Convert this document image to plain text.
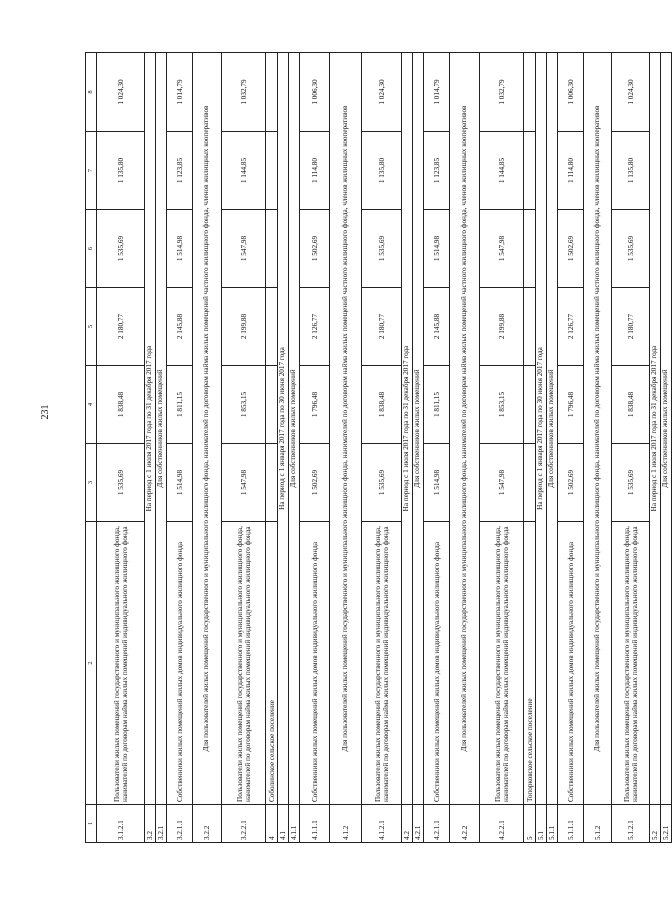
231
1	2	3	4	5	6	7	8
3.1.2.1	Пользователи жилых помещений государственного и муниципального жилищного фонда, нанимателей по договорам найма жилых помещений индивидуального жилищного фонда	1 535,69	1 838,48	2 180,77	1 535,69	1 135,80	1 024,30
3.2	На период с 1 июля 2017 года по 31 декабря 2017 года						
3.2.1	Для собственников жилых помещений						
3.2.1.1	Собственники жилых помещений жилых домов индивидуального жилищного фонда	1 514,98	1 811,15	2 145,88	1 514,98	1 123,85	1 014,79
3.2.2	Для пользователей жилых помещений государственного и муниципального жилищного фонда, нанимателей по договорам найма жилых помещений частного жилищного фонда, членов жилищных кооперативов						
3.2.2.1	Пользователи жилых помещений государственного и муниципального жилищного фонда, нанимателей по договорам найма жилых помещений индивидуального жилищного фонда	1 547,98	1 853,15	2 199,88	1 547,98	1 144,85	1 032,79
4	Соболинское сельское поселение						
4.1	На период с 1 января 2017 года по 30 июня 2017 года						
4.1.1	Для собственников жилых помещений						
4.1.1.1	Собственники жилых помещений жилых домов индивидуального жилищного фонда	1 502,69	1 796,48	2 126,77	1 502,69	1 114,80	1 006,30
4.1.2	Для пользователей жилых помещений государственного и муниципального жилищного фонда, нанимателей по договорам найма жилых помещений частного жилищного фонда, членов жилищных кооперативов						
4.1.2.1	Пользователи жилых помещений государственного и муниципального жилищного фонда, нанимателей по договорам найма жилых помещений индивидуального жилищного фонда	1 535,69	1 838,48	2 180,77	1 535,69	1 135,80	1 024,30
4.2	На период с 1 июля 2017 года по 31 декабря 2017 года						
4.2.1	Для собственников жилых помещений						
4.2.1.1	Собственники жилых помещений жилых домов индивидуального жилищного фонда	1 514,98	1 811,15	2 145,88	1 514,98	1 123,85	1 014,79
4.2.2	Для пользователей жилых помещений государственного и муниципального жилищного фонда, нанимателей по договорам найма жилых помещений частного жилищного фонда, членов жилищных кооперативов						
4.2.2.1	Пользователи жилых помещений государственного и муниципального жилищного фонда, нанимателей по договорам найма жилых помещений индивидуального жилищного фонда	1 547,98	1 853,15	2 199,88	1 547,98	1 144,85	1 032,79
5	Топорковское сельское поселение						
5.1	На период с 1 января 2017 года по 30 июня 2017 года						
5.1.1	Для собственников жилых помещений						
5.1.1.1	Собственники жилых помещений жилых домов индивидуального жилищного фонда	1 502,69	1 796,48	2 126,77	1 502,69	1 114,80	1 006,30
5.1.2	Для пользователей жилых помещений государственного и муниципального жилищного фонда, нанимателей по договорам найма жилых помещений частного жилищного фонда, членов жилищных кооперативов						
5.1.2.1	Пользователи жилых помещений государственного и муниципального жилищного фонда, нанимателей по договорам найма жилых помещений индивидуального жилищного фонда	1 535,69	1 838,48	2 180,77	1 535,69	1 135,80	1 024,30
5.2	На период с 1 июля 2017 года по 31 декабря 2017 года						
5.2.1	Для собственников жилых помещений						
